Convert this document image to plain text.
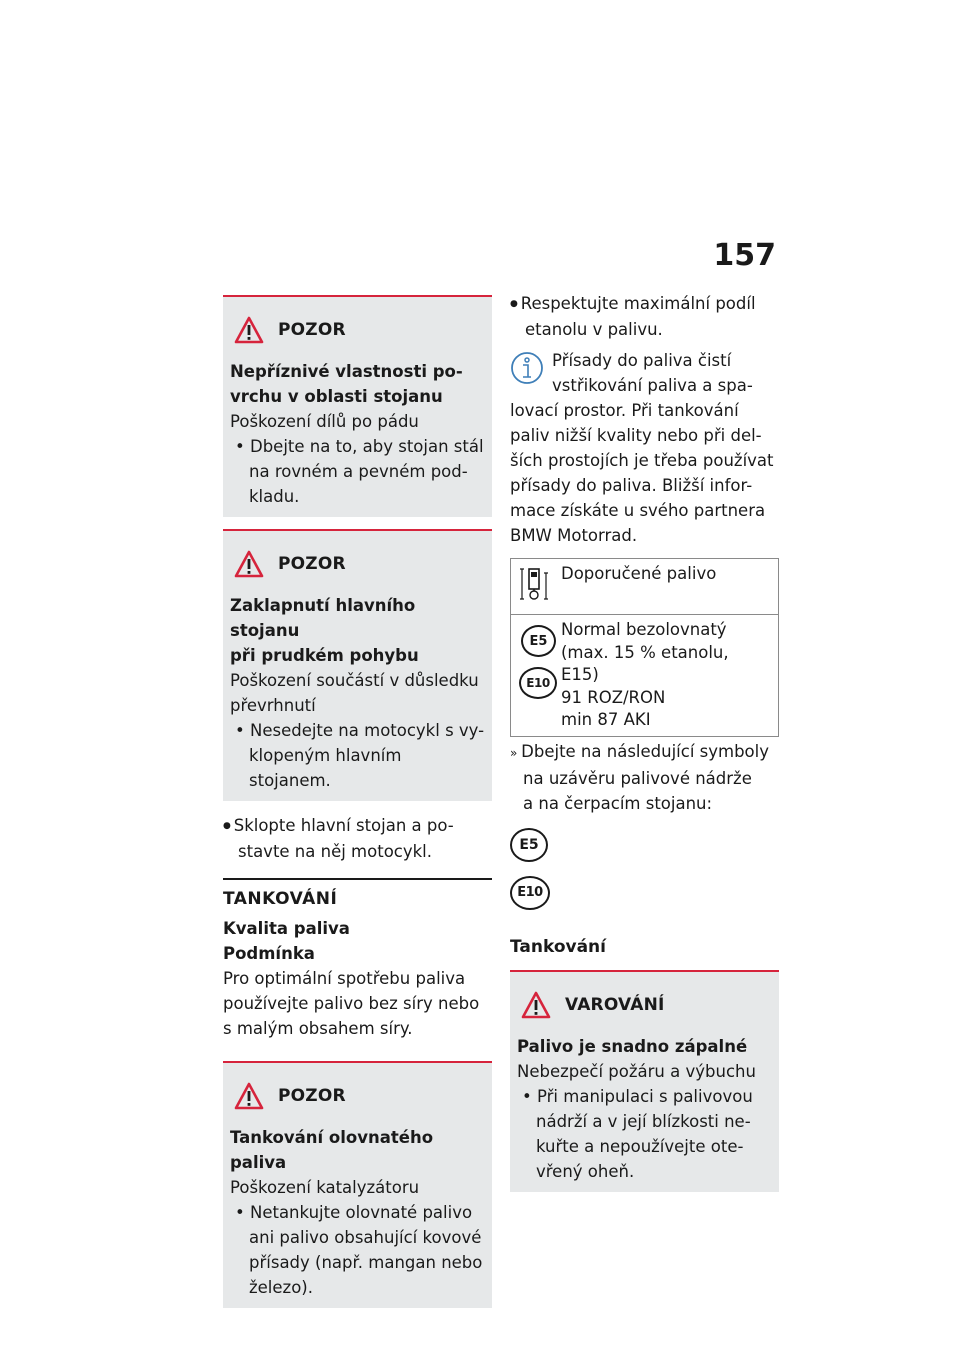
157
POZOR
Nepříznivé vlastnosti po-
vrchu v oblasti stojanu
Poškození dílů po pádu
• Dbejte na to, aby stojan stál
na rovném a pevném pod-
kladu.
POZOR
Zaklapnutí hlavního stojanu
při prudkém pohybu
Poškození součástí v důsledku
převrhnutí
• Nesedejte na motocykl s vy-
klopeným hlavním stojanem.
● Sklopte hlavní stojan a po-
stavte na něj motocykl.
TANKOVÁNÍ
Kvalita paliva
Podmínka
Pro optimální spotřebu paliva
používejte palivo bez síry nebo
s malým obsahem síry.
POZOR
Tankování olovnatého paliva
Poškození katalyzátoru
• Netankujte olovnaté palivo
ani palivo obsahující kovové
přísady (např. mangan nebo
železo).
● Respektujte maximální podíl
etanolu v palivu.
Přísady do paliva čistí
vstřikování paliva a spa-
lovací prostor. Při tankování
paliv nižší kvality nebo při del-
ších prostojích je třeba používat
přísady do paliva. Bližší infor-
mace získáte u svého partnera
BMW Motorrad.
Doporučené palivo
E5
E10
Normal bezolovnatý
(max. 15 % etanolu,
E15)
91 ROZ/RON
min 87 AKI
» Dbejte na následující symboly
na uzávěru palivové nádrže
a na čerpacím stojanu:
E5
E10
Tankování
VAROVÁNÍ
Palivo je snadno zápalné
Nebezpečí požáru a výbuchu
• Při manipulaci s palivovou
nádrží a v její blízkosti ne-
kuřte a nepoužívejte ote-
vřený oheň.
